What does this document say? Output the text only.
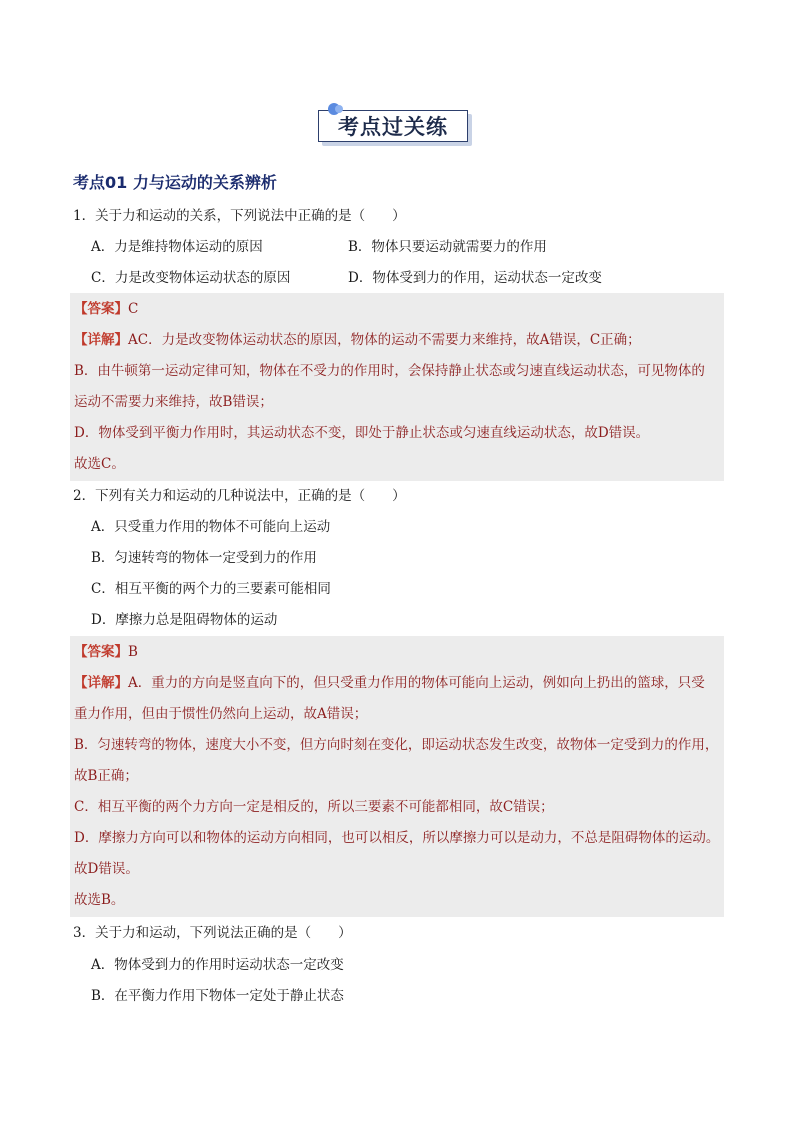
考点过关练
考点01 力与运动的关系辨析
1．关于力和运动的关系，下列说法中正确的是（　　）
A．力是维持物体运动的原因	B．物体只要运动就需要力的作用
C．力是改变物体运动状态的原因	D．物体受到力的作用，运动状态一定改变
【答案】C
【详解】AC．力是改变物体运动状态的原因，物体的运动不需要力来维持，故A错误，C正确；
B．由牛顿第一运动定律可知，物体在不受力的作用时，会保持静止状态或匀速直线运动状态，可见物体的
运动不需要力来维持，故B错误；
D．物体受到平衡力作用时，其运动状态不变，即处于静止状态或匀速直线运动状态，故D错误。
故选C。
2．下列有关力和运动的几种说法中，正确的是（　　）
A．只受重力作用的物体不可能向上运动
B．匀速转弯的物体一定受到力的作用
C．相互平衡的两个力的三要素可能相同
D．摩擦力总是阻碍物体的运动
【答案】B
【详解】A．重力的方向是竖直向下的，但只受重力作用的物体可能向上运动，例如向上扔出的篮球，只受
重力作用，但由于惯性仍然向上运动，故A错误；
B．匀速转弯的物体，速度大小不变，但方向时刻在变化，即运动状态发生改变，故物体一定受到力的作用，
故B正确；
C．相互平衡的两个力方向一定是相反的，所以三要素不可能都相同，故C错误；
D．摩擦力方向可以和物体的运动方向相同，也可以相反，所以摩擦力可以是动力，不总是阻碍物体的运动。
故D错误。
故选B。
3．关于力和运动，下列说法正确的是（　　）
A．物体受到力的作用时运动状态一定改变
B．在平衡力作用下物体一定处于静止状态
